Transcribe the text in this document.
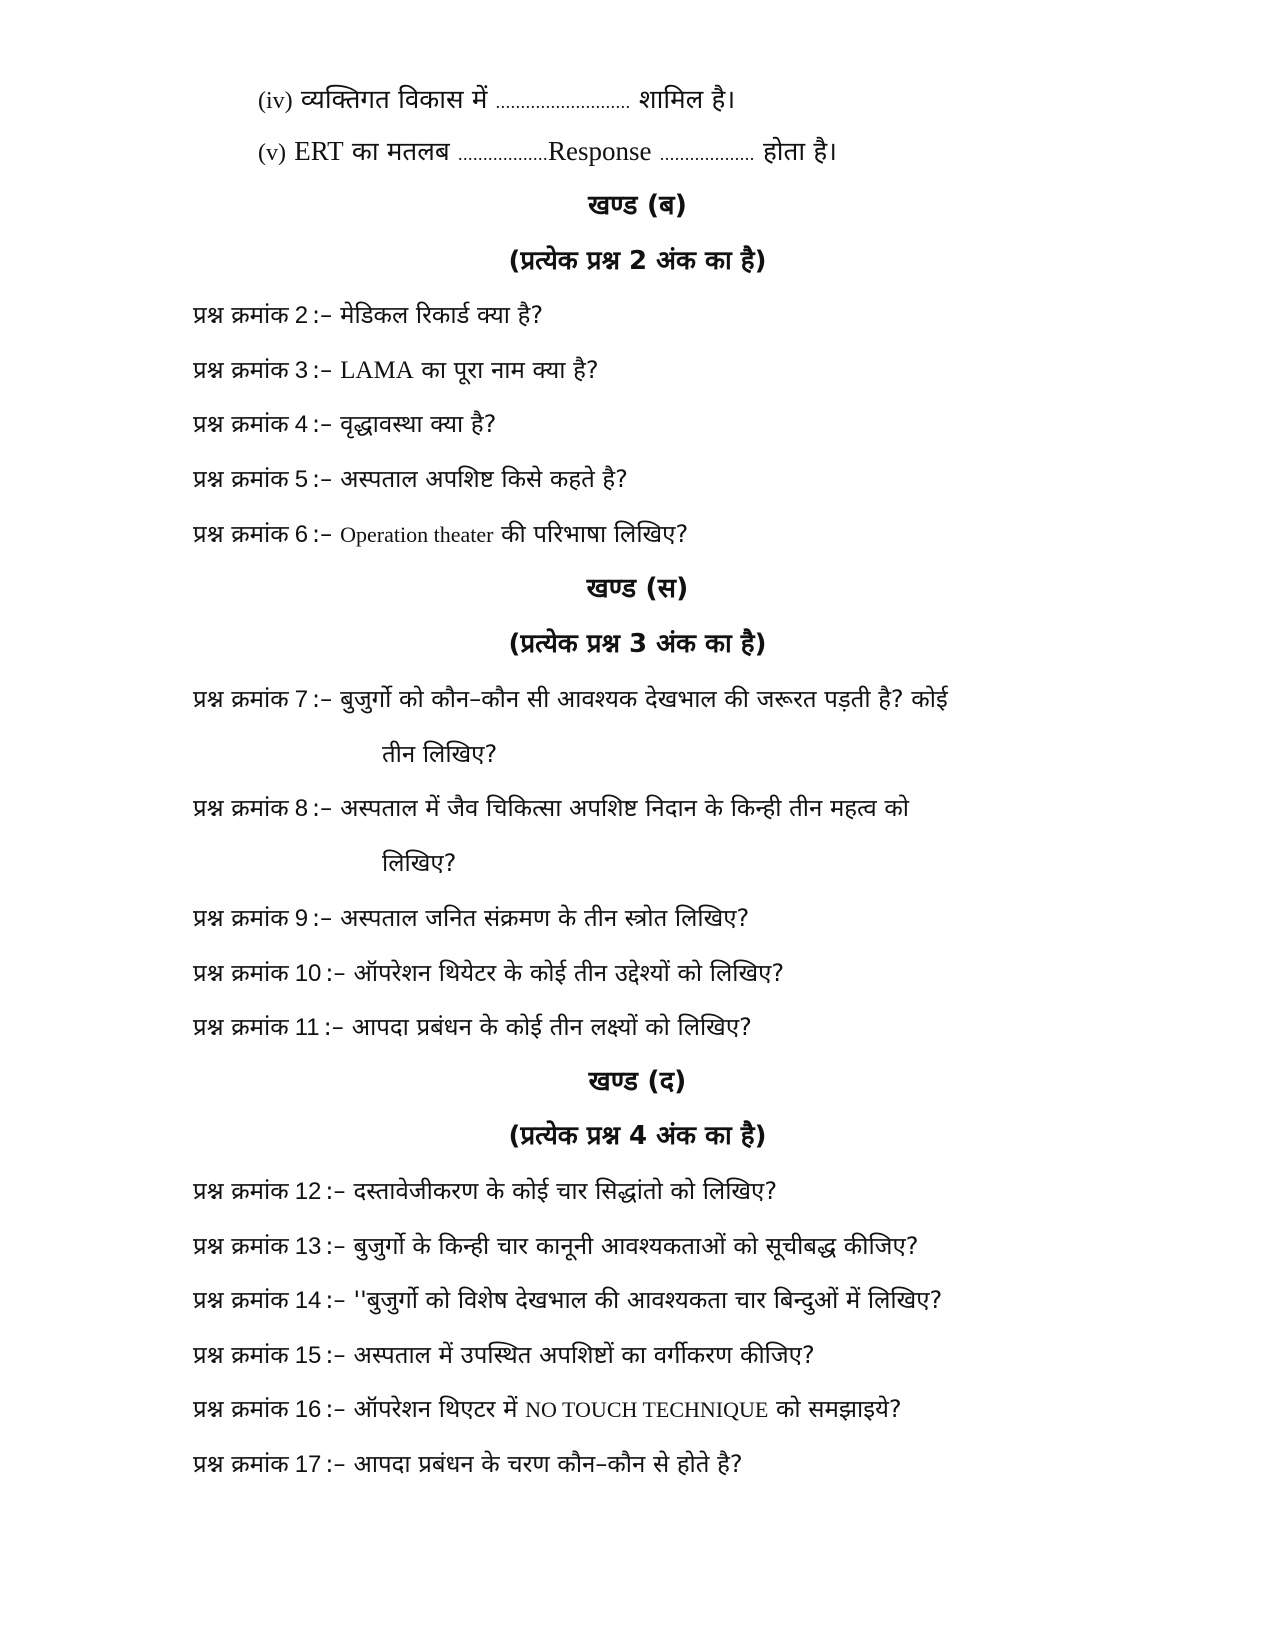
(iv) व्यक्तिगत विकास में ........................... शामिल है।
(v) ERT का मतलब ..................Response ................... होता है।
खण्ड (ब)
(प्रत्येक प्रश्न 2 अंक का है)
प्रश्न क्रमांक 2 :– मेडिकल रिकार्ड क्या है?
प्रश्न क्रमांक 3 :– LAMA का पूरा नाम क्या है?
प्रश्न क्रमांक 4 :– वृद्धावस्था क्या है?
प्रश्न क्रमांक 5 :– अस्पताल अपशिष्ट किसे कहते है?
प्रश्न क्रमांक 6 :– Operation theater की परिभाषा लिखिए?
खण्ड (स)
(प्रत्येक प्रश्न 3 अंक का है)
प्रश्न क्रमांक 7 :– बुजुर्गो को कौन–कौन सी आवश्यक देखभाल की जरूरत पड़ती है? कोई
तीन लिखिए?
प्रश्न क्रमांक 8 :– अस्पताल में जैव चिकित्सा अपशिष्ट निदान के किन्ही तीन महत्व को
लिखिए?
प्रश्न क्रमांक 9 :– अस्पताल जनित संक्रमण के तीन स्त्रोत लिखिए?
प्रश्न क्रमांक 10 :– ऑपरेशन थियेटर के कोई तीन उद्देश्यों को लिखिए?
प्रश्न क्रमांक 11 :– आपदा प्रबंधन के कोई तीन लक्ष्यों को लिखिए?
खण्ड (द)
(प्रत्येक प्रश्न 4 अंक का है)
प्रश्न क्रमांक 12 :– दस्तावेजीकरण के कोई चार सिद्धांतो को लिखिए?
प्रश्न क्रमांक 13 :– बुजुर्गो के किन्ही चार कानूनी आवश्यकताओं को सूचीबद्ध कीजिए?
प्रश्न क्रमांक 14 :– ''बुजुर्गो को विशेष देखभाल की आवश्यकता चार बिन्दुओं में लिखिए?
प्रश्न क्रमांक 15 :– अस्पताल में उपस्थित अपशिष्टों का वर्गीकरण कीजिए?
प्रश्न क्रमांक 16 :– ऑपरेशन थिएटर में NO TOUCH TECHNIQUE को समझाइये?
प्रश्न क्रमांक 17 :– आपदा प्रबंधन के चरण कौन–कौन से होते है?
